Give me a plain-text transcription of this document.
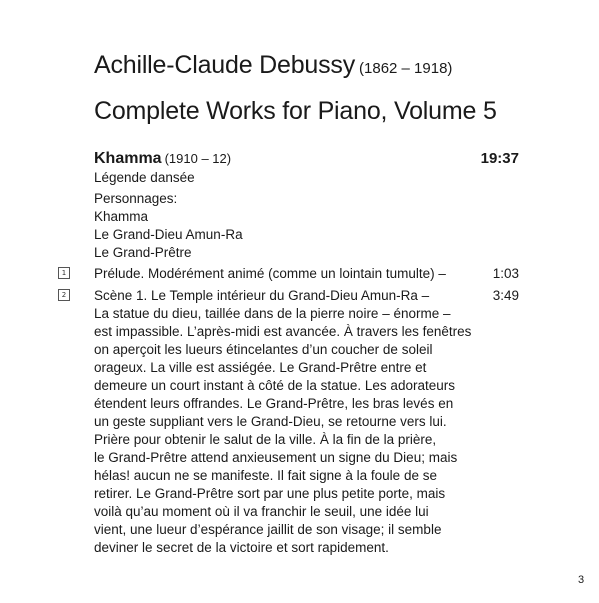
Achille-Claude Debussy (1862 – 1918)
Complete Works for Piano, Volume 5
Khamma (1910 – 12)	19:37
Légende dansée
Personnages:
Khamma
Le Grand-Dieu Amun-Ra
Le Grand-Prêtre
1 Prélude. Modérément animé (comme un lointain tumulte) –	1:03
2 Scène 1. Le Temple intérieur du Grand-Dieu Amun-Ra –
La statue du dieu, taillée dans de la pierre noire – énorme –
est impassible. L’après-midi est avancée. À travers les fenêtres
on aperçoit les lueurs étincelantes d’un coucher de soleil
orageux. La ville est assiégée. Le Grand-Prêtre entre et
demeure un court instant à côté de la statue. Les adorateurs
étendent leurs offrandes. Le Grand-Prêtre, les bras levés en
un geste suppliant vers le Grand-Dieu, se retourne vers lui.
Prière pour obtenir le salut de la ville. À la fin de la prière,
le Grand-Prêtre attend anxieusement un signe du Dieu; mais
hélas! aucun ne se manifeste. Il fait signe à la foule de se
retirer. Le Grand-Prêtre sort par une plus petite porte, mais
voilà qu’au moment où il va franchir le seuil, une idée lui
vient, une lueur d’espérance jaillit de son visage; il semble
deviner le secret de la victoire et sort rapidement.
3:49
3
